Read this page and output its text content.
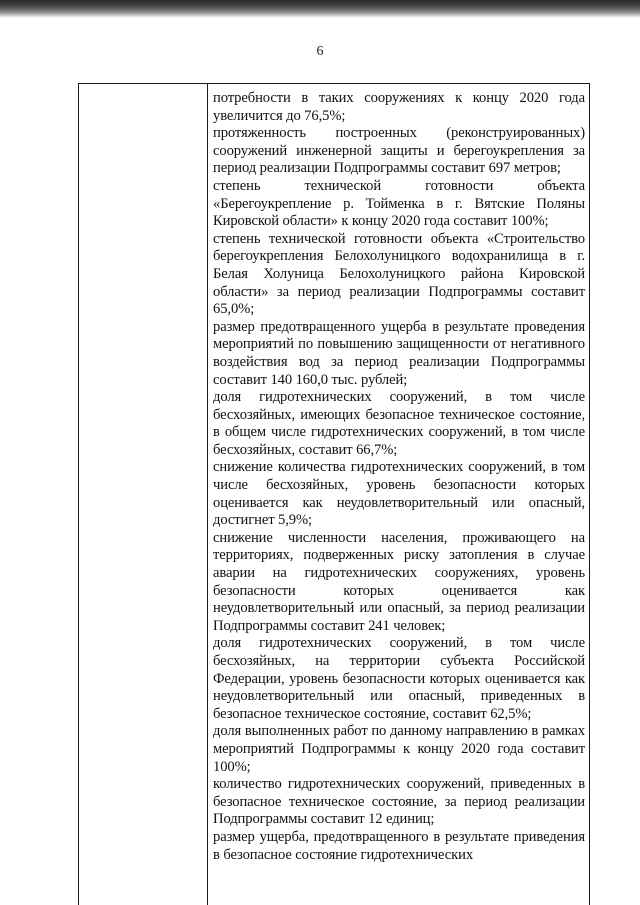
6

потребности в таких сооружениях к концу 2020 года увеличится до 76,5%;

протяженность построенных (реконструированных) сооружений инженерной защиты и берегоукрепления за период реализации Подпрограммы составит 697 метров;

степень технической готовности объекта «Берегоукрепление р. Тойменка в г. Вятские Поляны Кировской области» к концу 2020 года составит 100%;

степень технической готовности объекта «Строительство берегоукрепления Белохолуницкого водохранилища в г. Белая Холуница Белохолуницкого района Кировской области» за период реализации Подпрограммы составит 65,0%;

размер предотвращенного ущерба в результате проведения мероприятий по повышению защищенности от негативного воздействия вод за период реализации Подпрограммы составит 140 160,0 тыс. рублей;

доля гидротехнических сооружений, в том числе бесхозяйных, имеющих безопасное техническое состояние, в общем числе гидротехнических сооружений, в том числе бесхозяйных, составит 66,7%;

снижение количества гидротехнических сооружений, в том числе бесхозяйных, уровень безопасности которых оценивается как неудовлетворительный или опасный, достигнет 5,9%;

снижение численности населения, проживающего на территориях, подверженных риску затопления в случае аварии на гидротехнических сооружениях, уровень безопасности которых оценивается как неудовлетворительный или опасный, за период реализации Подпрограммы составит 241 человек;

доля гидротехнических сооружений, в том числе бесхозяйных, на территории субъекта Российской Федерации, уровень безопасности которых оценивается как неудовлетворительный или опасный, приведенных в безопасное техническое состояние, составит 62,5%;

доля выполненных работ по данному направлению в рамках мероприятий Подпрограммы к концу 2020 года составит 100%;

количество гидротехнических сооружений, приведенных в безопасное техническое состояние, за период реализации Подпрограммы составит 12 единиц;

размер ущерба, предотвращенного в результате приведения в безопасное состояние гидротехнических
